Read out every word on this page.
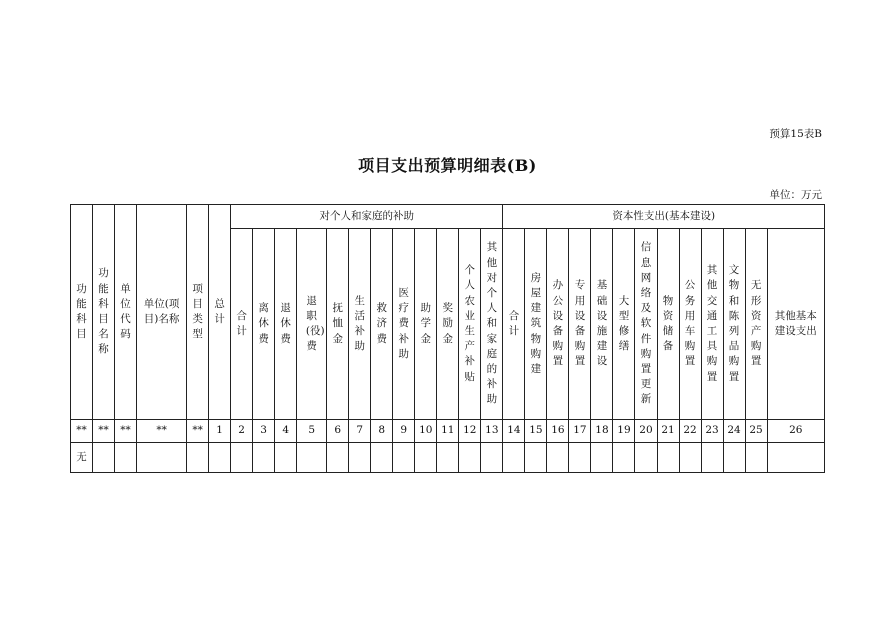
预算15表B
项目支出预算明细表(B)
单位：万元
功能科目	功能科目名称	单位代码	单位(项目)名称	项目类型	总计	对个人和家庭的补助												资本性支出(基本建设)												

						合计	离休费	退休费	退职(役)费	抚恤金	生活补助	救济费	医疗费补助	助学金	奖励金	个人农业生产补贴	其他对个人和家庭的补助	合计	房屋建筑物购建	办公设备购置	专用设备购置	基础设施建设	大型修缮	信息网络及软件购置更新	物资储备	公务用车购置	其他交通工具购置	文物和陈列品购置	无形资产购置	其他基本建设支出

**	**	**	**	**	1	2	3	4	5	6	7	8	9	10	11	12	13	14	15	16	17	18	19	20	21	22	23	24	25	26
无																														
